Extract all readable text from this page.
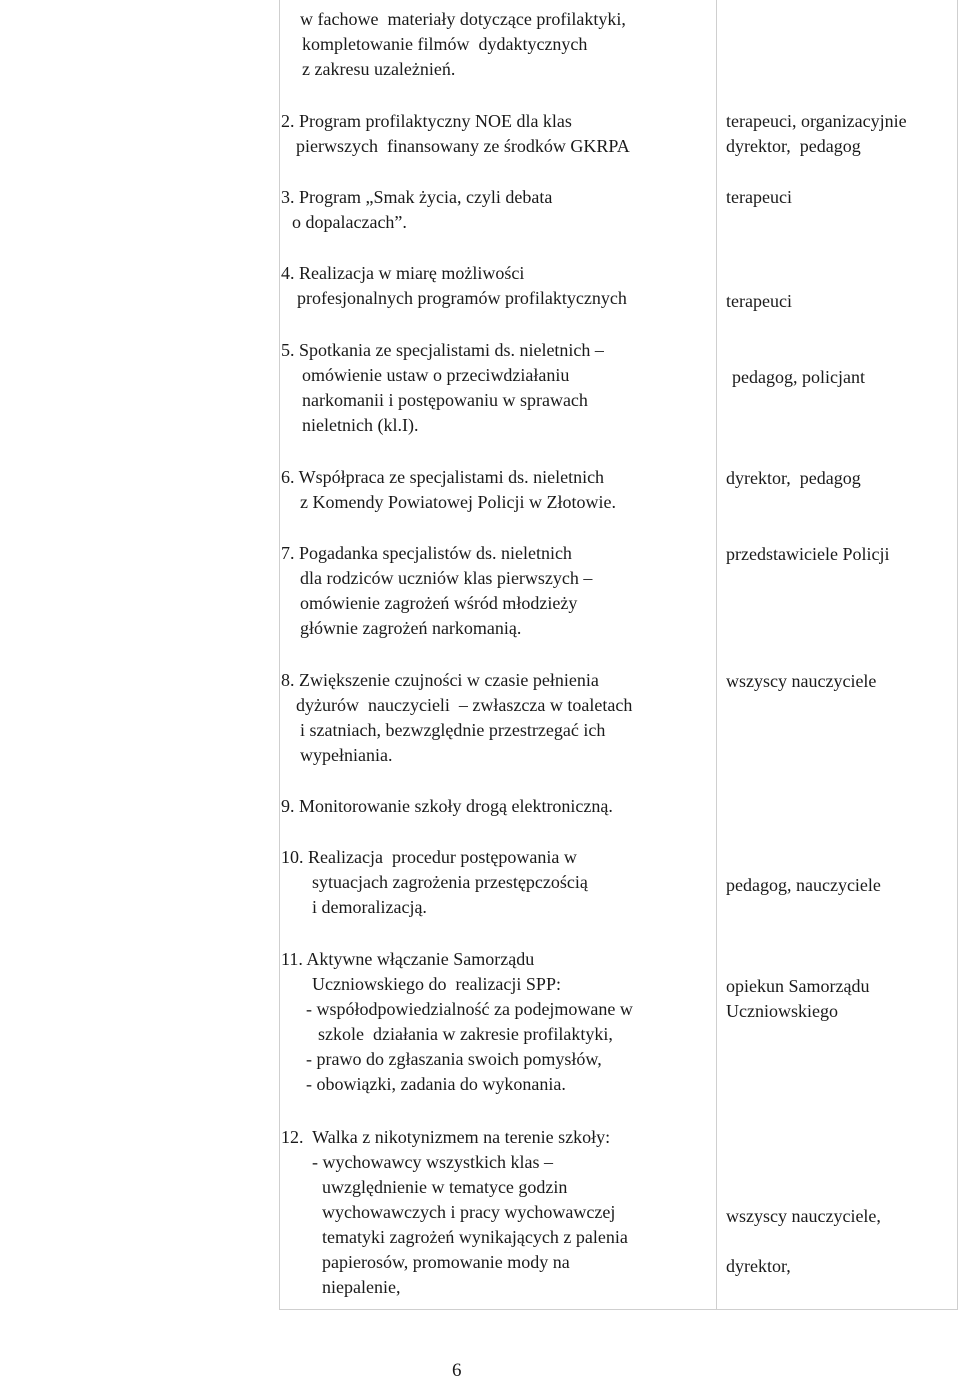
w fachowe  materiały dotyczące profilaktyki,
kompletowanie filmów  dydaktycznych
z zakresu uzależnień.
2. Program profilaktyczny NOE dla klas
pierwszych  finansowany ze środków GKRPA
3. Program „Smak życia, czyli debata
o dopalaczach”.
4. Realizacja w miarę możliwości
profesjonalnych programów profilaktycznych
5. Spotkania ze specjalistami ds. nieletnich –
omówienie ustaw o przeciwdziałaniu
narkomanii i postępowaniu w sprawach
nieletnich (kl.I).
6. Współpraca ze specjalistami ds. nieletnich
z Komendy Powiatowej Policji w Złotowie.
7. Pogadanka specjalistów ds. nieletnich
dla rodziców uczniów klas pierwszych –
omówienie zagrożeń wśród młodzieży
głównie zagrożeń narkomanią.
8. Zwiększenie czujności w czasie pełnienia
dyżurów  nauczycieli  – zwłaszcza w toaletach
i szatniach, bezwzględnie przestrzegać ich
wypełniania.
9. Monitorowanie szkoły drogą elektroniczną.
10. Realizacja  procedur postępowania w
sytuacjach zagrożenia przestępczością
i demoralizacją.
11. Aktywne włączanie Samorządu
Uczniowskiego do  realizacji SPP:
- współodpowiedzialność za podejmowane w
szkole  działania w zakresie profilaktyki,
- prawo do zgłaszania swoich pomysłów,
- obowiązki, zadania do wykonania.
12.  Walka z nikotynizmem na terenie szkoły:
- wychowawcy wszystkich klas –
uwzględnienie w tematyce godzin
wychowawczych i pracy wychowawczej
tematyki zagrożeń wynikających z palenia
papierosów, promowanie mody na
niepalenie,
terapeuci, organizacyjnie
dyrektor,  pedagog
terapeuci
terapeuci
pedagog, policjant
dyrektor,  pedagog
przedstawiciele Policji
wszyscy nauczyciele
pedagog, nauczyciele
opiekun Samorządu
Uczniowskiego
wszyscy nauczyciele,
dyrektor,
6
